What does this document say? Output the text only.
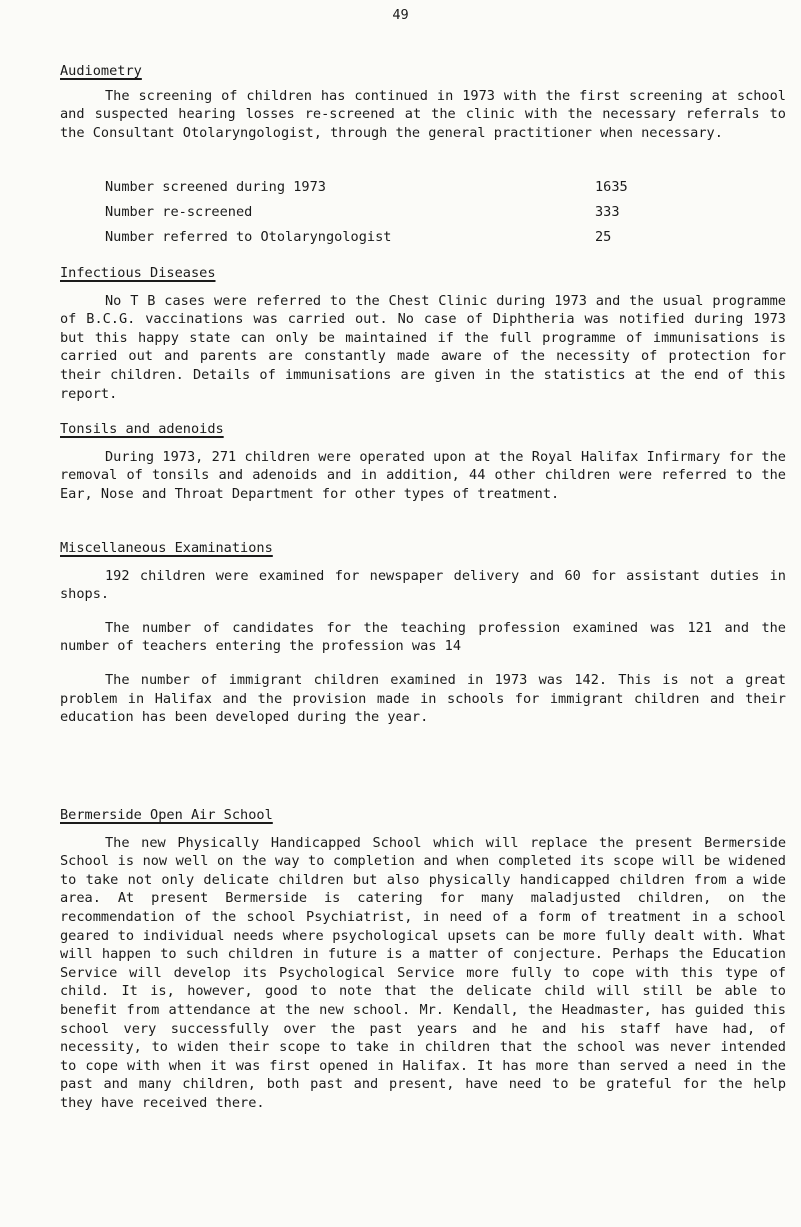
49
Audiometry

The screening of children has continued in 1973 with the first screening at school and suspected hearing losses re-screened at the clinic with the necessary referrals to the Consultant Otolaryngologist, through the general practitioner when necessary.

Number screened during 1973	1635
Number re-screened	333
Number referred to Otolaryngologist	25
Infectious Diseases

No T B cases were referred to the Chest Clinic during 1973 and the usual programme of B.C.G. vaccinations was carried out. No case of Diphtheria was notified during 1973 but this happy state can only be maintained if the full programme of immunisations is carried out and parents are constantly made aware of the necessity of protection for their children. Details of immunisations are given in the statistics at the end of this report.

Tonsils and adenoids

During 1973, 271 children were operated upon at the Royal Halifax Infirmary for the removal of tonsils and adenoids and in addition, 44 other children were referred to the Ear, Nose and Throat Department for other types of treatment.

Miscellaneous Examinations

192 children were examined for newspaper delivery and 60 for assistant duties in shops.

The number of candidates for the teaching profession examined was 121 and the number of teachers entering the profession was 14

The number of immigrant children examined in 1973 was 142. This is not a great problem in Halifax and the provision made in schools for immigrant children and their education has been developed during the year.

Bermerside Open Air School

The new Physically Handicapped School which will replace the present Bermerside School is now well on the way to completion and when completed its scope will be widened to take not only delicate children but also physically handicapped children from a wide area. At present Bermerside is catering for many maladjusted children, on the recommendation of the school Psychiatrist, in need of a form of treatment in a school geared to individual needs where psychological upsets can be more fully dealt with. What will happen to such children in future is a matter of conjecture. Perhaps the Education Service will develop its Psychological Service more fully to cope with this type of child. It is, however, good to note that the delicate child will still be able to benefit from attendance at the new school. Mr. Kendall, the Headmaster, has guided this school very successfully over the past years and he and his staff have had, of necessity, to widen their scope to take in children that the school was never intended to cope with when it was first opened in Halifax. It has more than served a need in the past and many children, both past and present, have need to be grateful for the help they have received there.
